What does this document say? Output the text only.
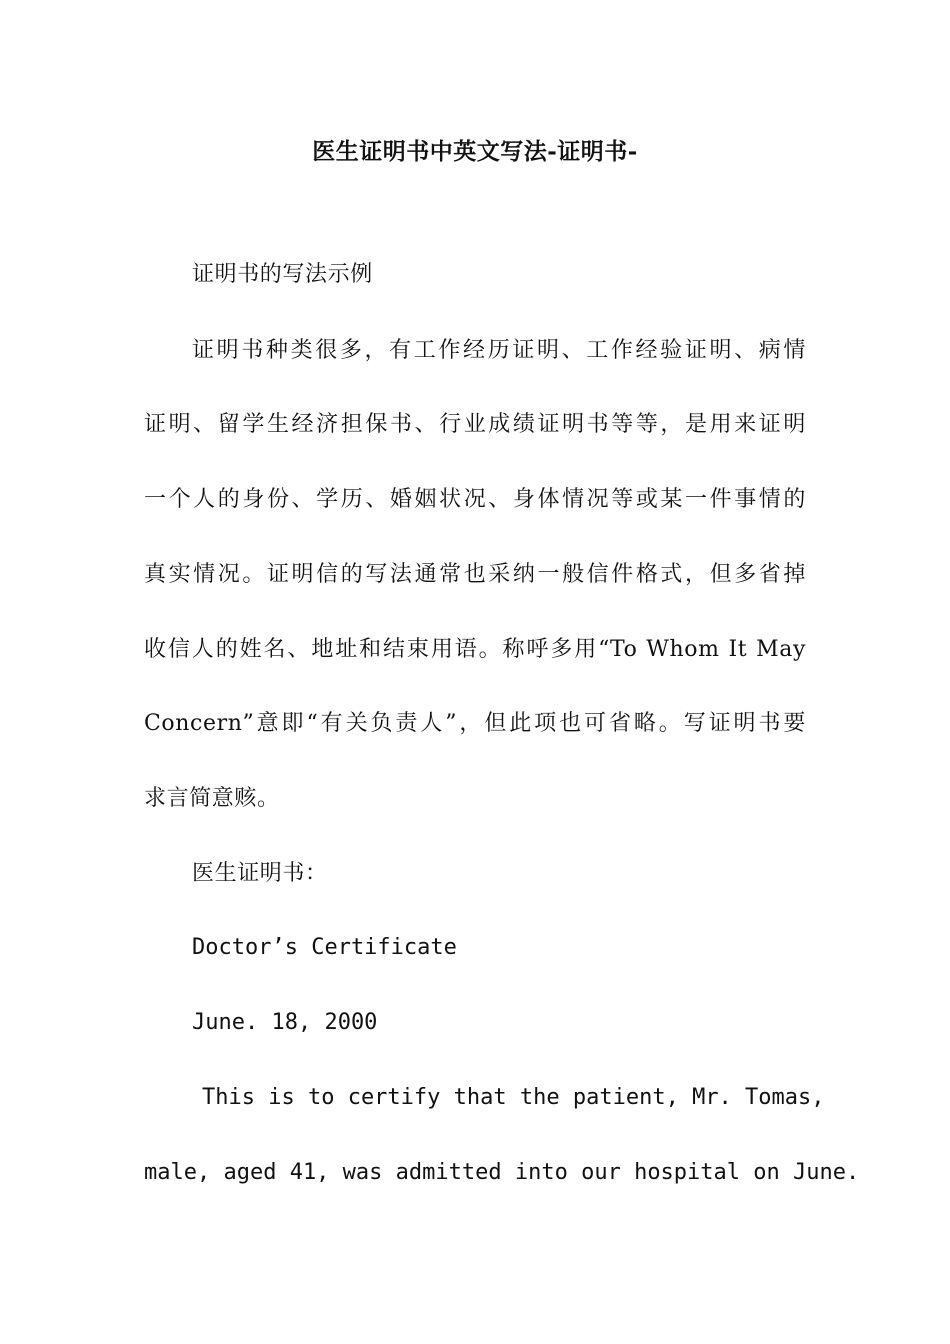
医生证明书中英文写法-证明书-
证明书的写法示例
证明书种类很多，有工作经历证明、工作经验证明、病情
证明、留学生经济担保书、行业成绩证明书等等，是用来证明
一个人的身份、学历、婚姻状况、身体情况等或某一件事情的
真实情况。证明信的写法通常也采纳一般信件格式，但多省掉
收信人的姓名、地址和结束用语。称呼多用“To Whom It May
Concern”意即“有关负责人”，但此项也可省略。写证明书要
求言简意赅。
医生证明书：
Doctor’s Certificate
June. 18, 2000
This is to certify that the patient, Mr. Tomas,
male, aged 41, was admitted into our hospital on June.
